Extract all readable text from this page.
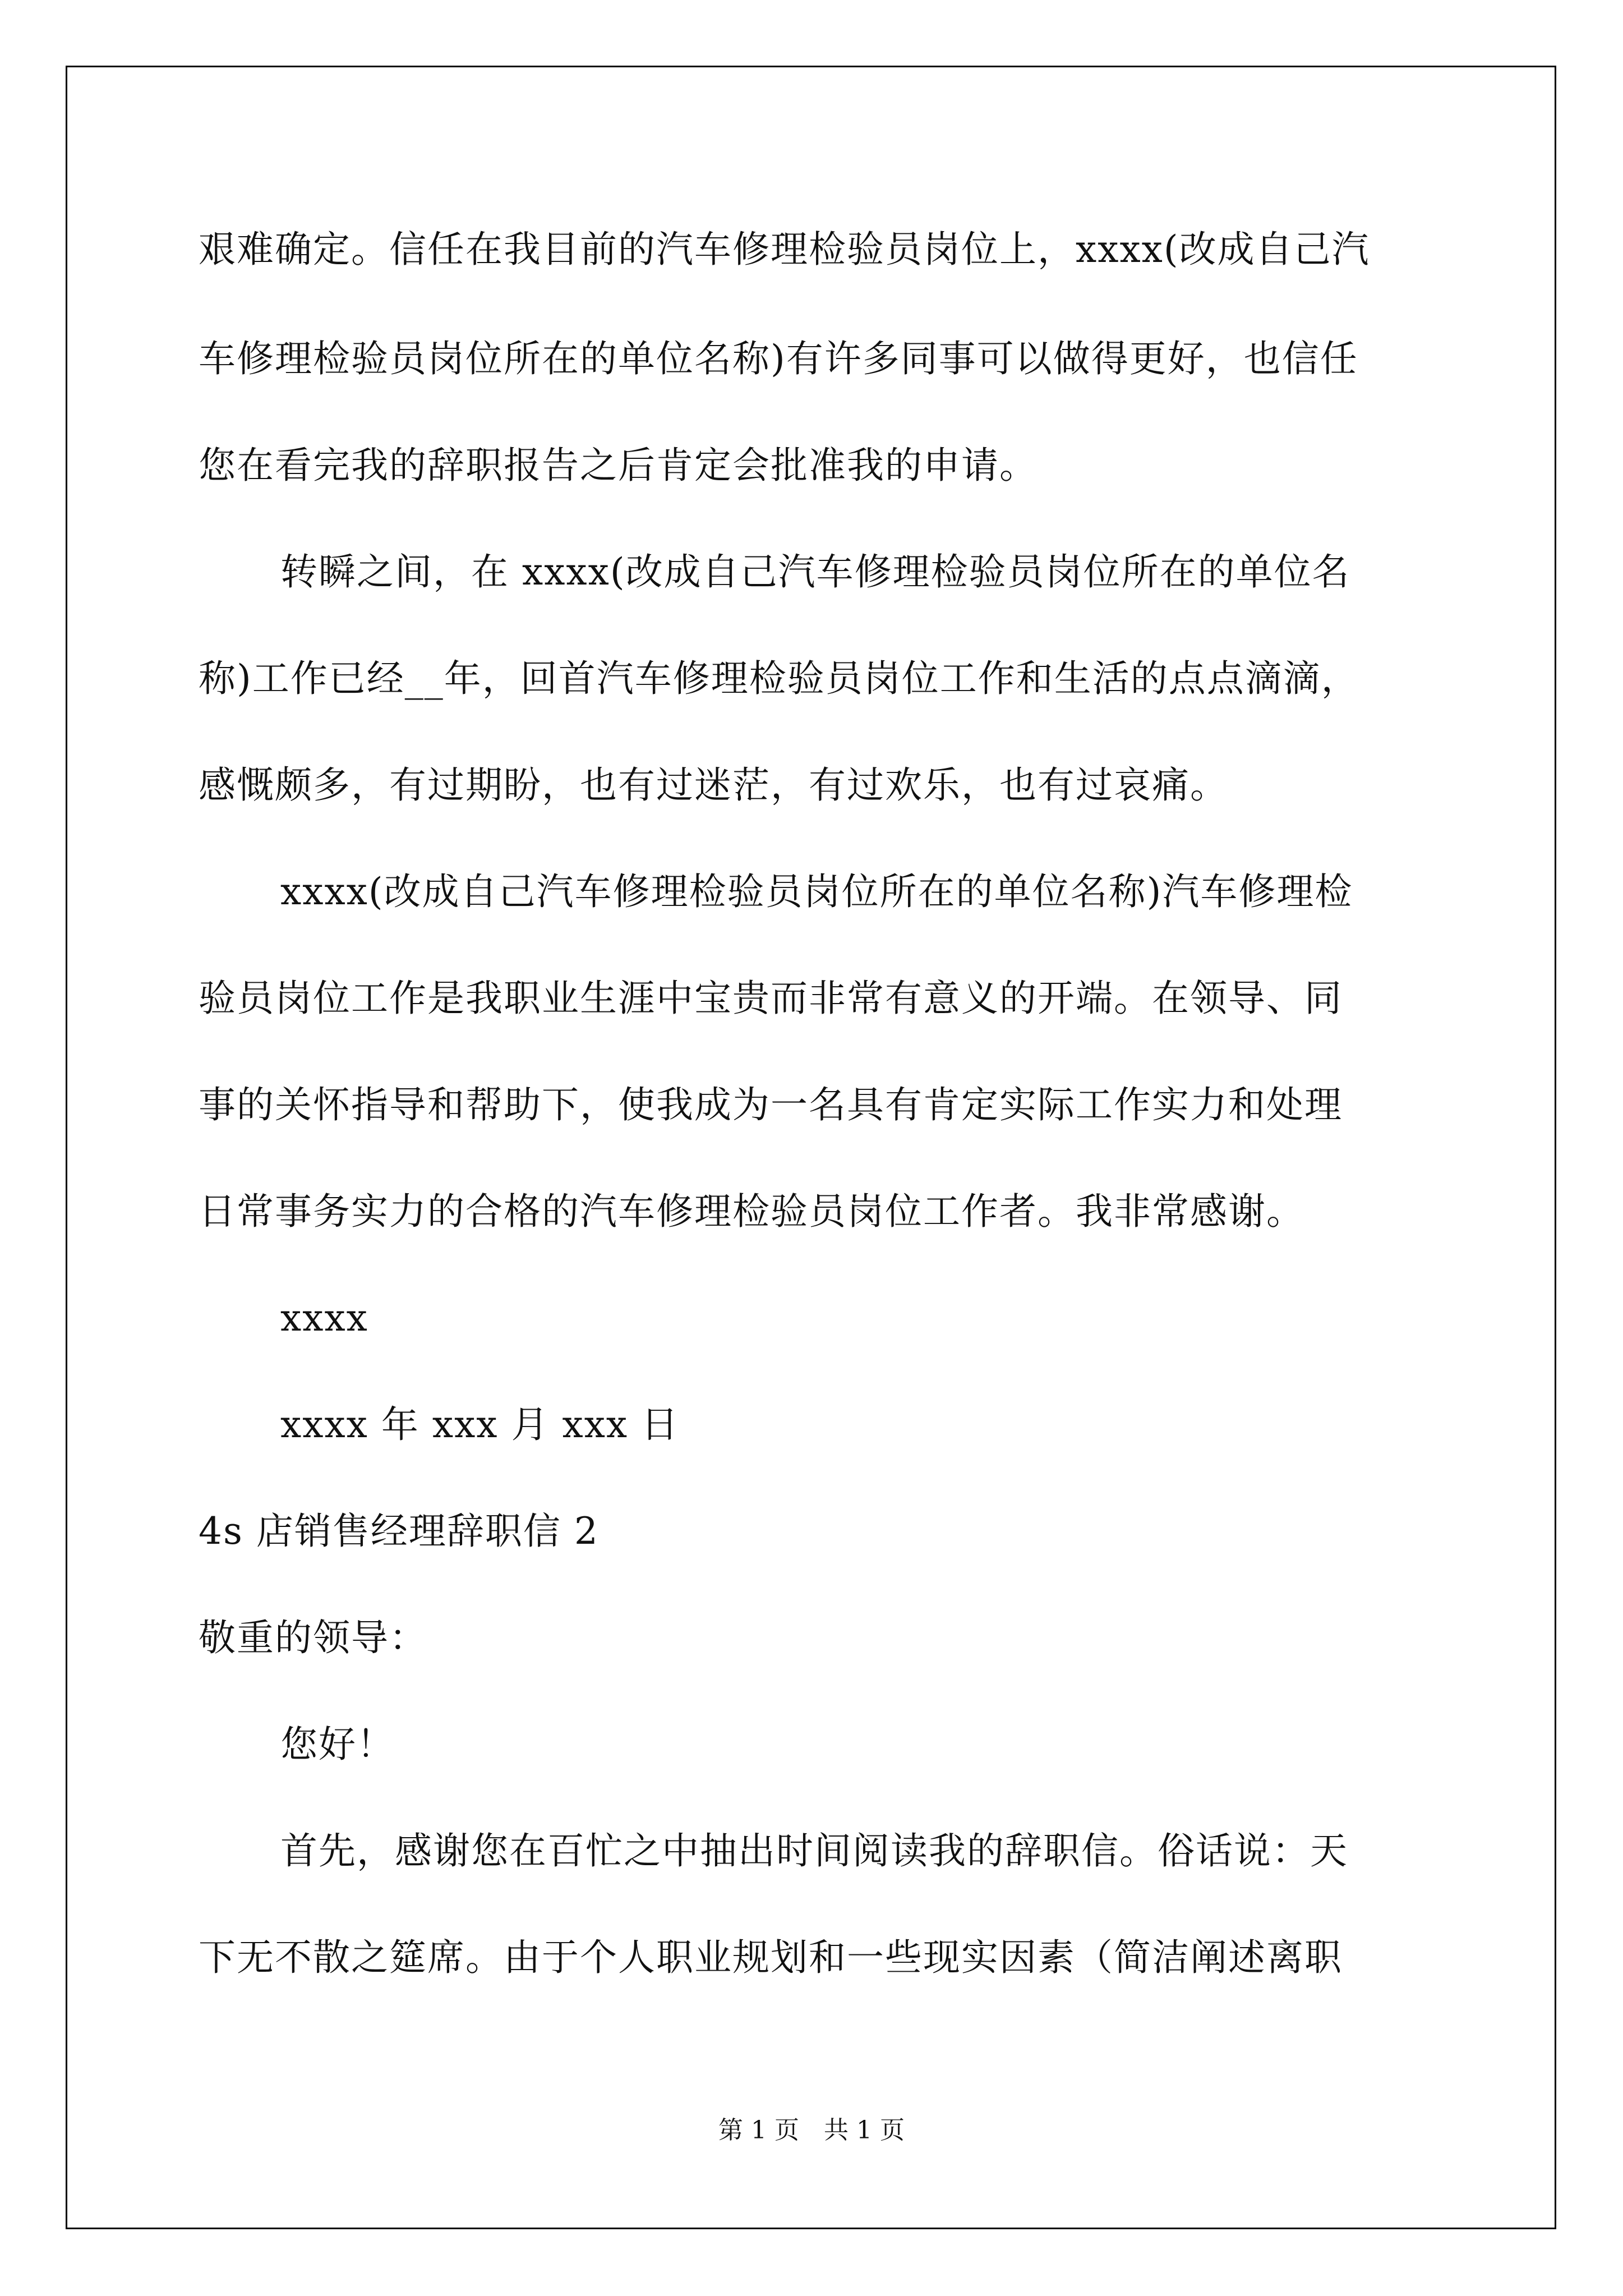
艰难确定。信任在我目前的汽车修理检验员岗位上，xxxx(改成自己汽

车修理检验员岗位所在的单位名称)有许多同事可以做得更好，也信任

您在看完我的辞职报告之后肯定会批准我的申请。

转瞬之间，在 xxxx(改成自己汽车修理检验员岗位所在的单位名

称)工作已经__年，回首汽车修理检验员岗位工作和生活的点点滴滴，

感慨颇多，有过期盼，也有过迷茫，有过欢乐，也有过哀痛。

xxxx(改成自己汽车修理检验员岗位所在的单位名称)汽车修理检

验员岗位工作是我职业生涯中宝贵而非常有意义的开端。在领导、同

事的关怀指导和帮助下，使我成为一名具有肯定实际工作实力和处理

日常事务实力的合格的汽车修理检验员岗位工作者。我非常感谢。

xxxx

xxxx 年 xxx 月 xxx 日

4s 店销售经理辞职信 2

敬重的领导：

您好！

首先，感谢您在百忙之中抽出时间阅读我的辞职信。俗话说：天

下无不散之筵席。由于个人职业规划和一些现实因素（简洁阐述离职

第 1 页　共 1 页
